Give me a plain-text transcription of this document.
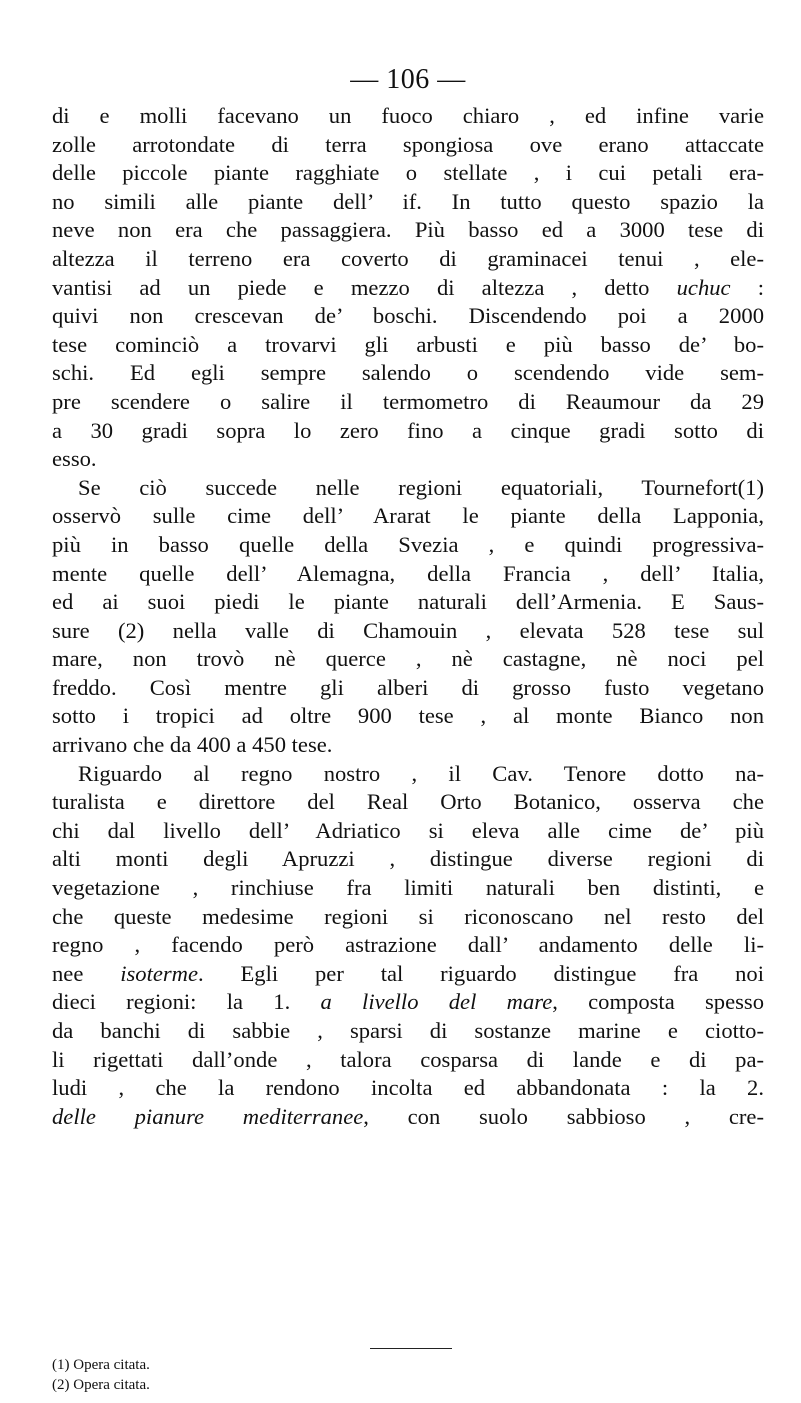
— 106 —
di e molli facevano un fuoco chiaro , ed infine varie
zolle arrotondate di terra spongiosa ove erano attaccate
delle piccole piante ragghiate o stellate , i cui petali era-
no simili alle piante dell’ if. In tutto questo spazio la
neve non era che passaggiera. Più basso ed a 3000 tese di
altezza il terreno era coverto di graminacei tenui , ele-
vantisi ad un piede e mezzo di altezza , detto uchuc :
quivi non crescevan de’ boschi. Discendendo poi a 2000
tese cominciò a trovarvi gli arbusti e più basso de’ bo-
schi. Ed egli sempre salendo o scendendo vide sem-
pre scendere o salire il termometro di Reaumour da 29
a 30 gradi sopra lo zero fino a cinque gradi sotto di
esso.
Se ciò succede nelle regioni equatoriali, Tournefort(1)
osservò sulle cime dell’ Ararat le piante della Lapponia,
più in basso quelle della Svezia , e quindi progressiva-
mente quelle dell’ Alemagna, della Francia , dell’ Italia,
ed ai suoi piedi le piante naturali dell’Armenia. E Saus-
sure (2) nella valle di Chamouin , elevata 528 tese sul
mare, non trovò nè querce , nè castagne, nè noci pel
freddo. Così mentre gli alberi di grosso fusto vegetano
sotto i tropici ad oltre 900 tese , al monte Bianco non
arrivano che da 400 a 450 tese.
Riguardo al regno nostro , il Cav. Tenore dotto na-
turalista e direttore del Real Orto Botanico, osserva che
chi dal livello dell’ Adriatico si eleva alle cime de’ più
alti monti degli Apruzzi , distingue diverse regioni di
vegetazione , rinchiuse fra limiti naturali ben distinti, e
che queste medesime regioni si riconoscano nel resto del
regno , facendo però astrazione dall’ andamento delle li-
nee isoterme. Egli per tal riguardo distingue fra noi
dieci regioni: la 1. a livello del mare, composta spesso
da banchi di sabbie , sparsi di sostanze marine e ciotto-
li rigettati dall’onde , talora cosparsa di lande e di pa-
ludi , che la rendono incolta ed abbandonata : la 2.
delle pianure mediterranee, con suolo sabbioso , cre-
(1) Opera citata.
(2) Opera citata.
